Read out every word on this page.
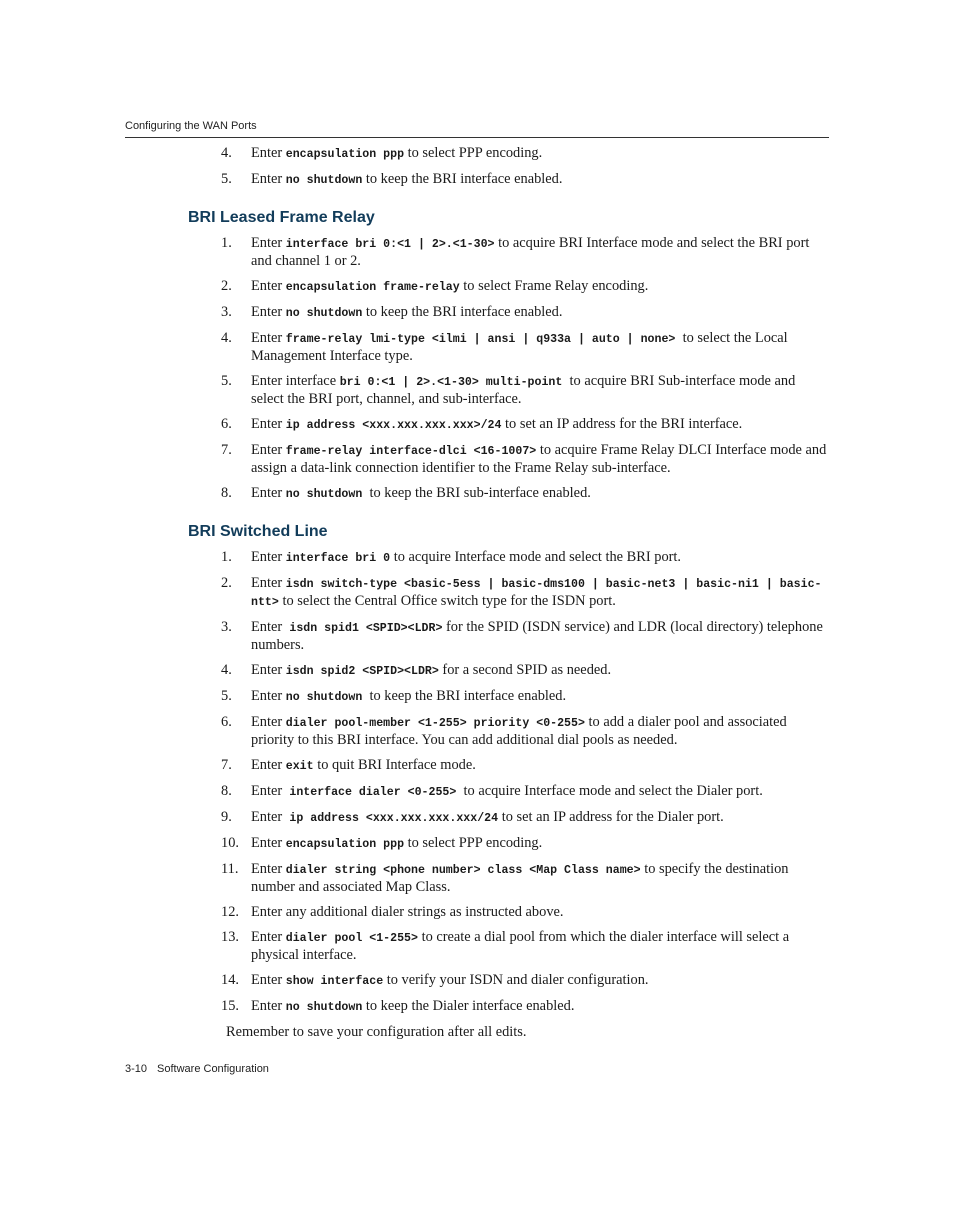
Configuring the WAN Ports
4.	Enter encapsulation ppp to select PPP encoding.
5.	Enter no shutdown to keep the BRI interface enabled.
BRI Leased Frame Relay
1.	Enter interface bri 0:<1 | 2>.<1-30> to acquire BRI Interface mode and select the BRI port and channel 1 or 2.
2.	Enter encapsulation frame-relay to select Frame Relay encoding.
3.	Enter no shutdown to keep the BRI interface enabled.
4.	Enter frame-relay lmi-type <ilmi | ansi | q933a | auto | none>  to select the Local Management Interface type.
5.	Enter interface bri 0:<1 | 2>.<1-30> multi-point  to acquire BRI Sub-interface mode and select the BRI port, channel, and sub-interface.
6.	Enter ip address <xxx.xxx.xxx.xxx>/24 to set an IP address for the BRI interface.
7.	Enter frame-relay interface-dlci <16-1007> to acquire Frame Relay DLCI Interface mode and assign a data-link connection identifier to the Frame Relay sub-interface.
8.	Enter no shutdown  to keep the BRI sub-interface enabled.
BRI Switched Line
1.	Enter interface bri 0 to acquire Interface mode and select the BRI port.
2.	Enter isdn switch-type <basic-5ess | basic-dms100 | basic-net3 | basic-ni1 | basic-ntt> to select the Central Office switch type for the ISDN port.
3.	Enter  isdn spid1 <SPID><LDR> for the SPID (ISDN service) and LDR (local directory) telephone numbers.
4.	Enter isdn spid2 <SPID><LDR> for a second SPID as needed.
5.	Enter no shutdown  to keep the BRI interface enabled.
6.	Enter dialer pool-member <1-255> priority <0-255> to add a dialer pool and associated priority to this BRI interface. You can add additional dial pools as needed.
7.	Enter exit to quit BRI Interface mode.
8.	Enter  interface dialer <0-255>  to acquire Interface mode and select the Dialer port.
9.	Enter  ip address <xxx.xxx.xxx.xxx/24 to set an IP address for the Dialer port.
10. Enter encapsulation ppp to select PPP encoding.
11. Enter dialer string <phone number> class <Map Class name> to specify the destination number and associated Map Class.
12. Enter any additional dialer strings as instructed above.
13. Enter dialer pool <1-255> to create a dial pool from which the dialer interface will select a physical interface.
14. Enter show interface to verify your ISDN and dialer configuration.
15. Enter no shutdown to keep the Dialer interface enabled.

Remember to save your configuration after all edits.

3-10 Software Configuration
